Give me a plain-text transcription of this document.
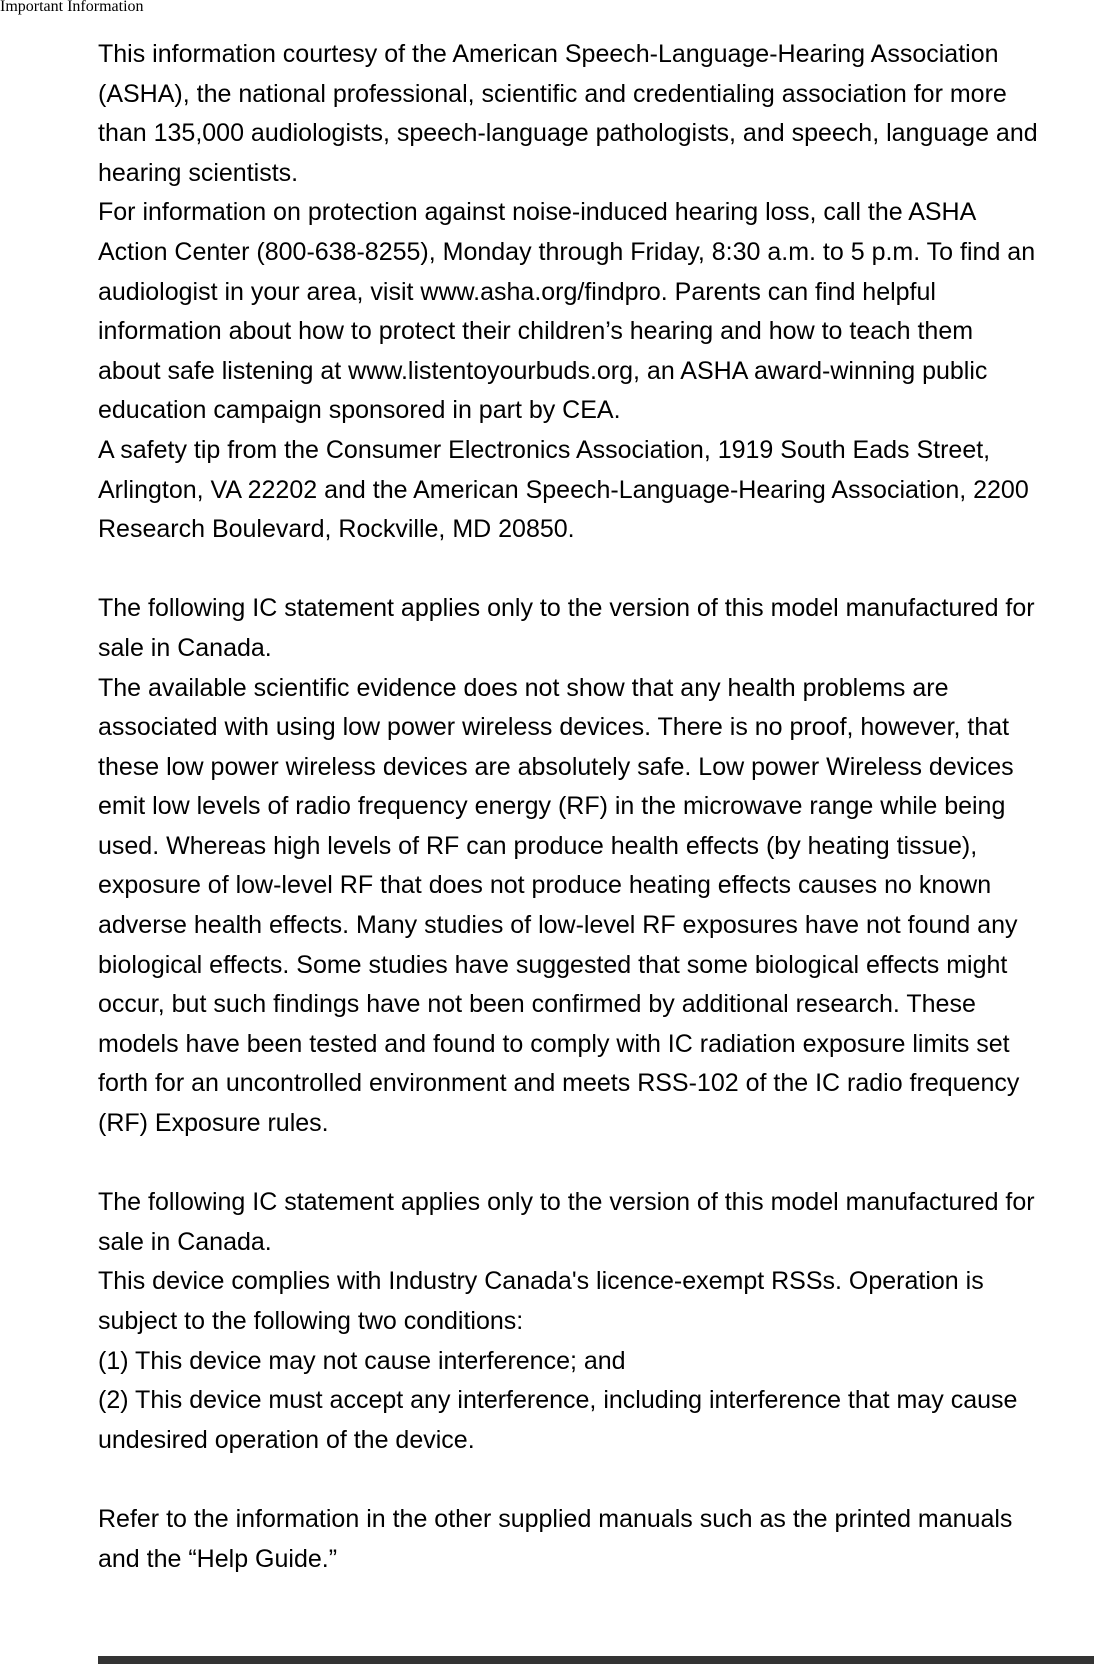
Important Information
This information courtesy of the American Speech-Language-Hearing Association
(ASHA), the national professional, scientific and credentialing association for more
than 135,000 audiologists, speech-language pathologists, and speech, language and
hearing scientists.
For information on protection against noise-induced hearing loss, call the ASHA
Action Center (800-638-8255), Monday through Friday, 8:30 a.m. to 5 p.m. To find an
audiologist in your area, visit www.asha.org/findpro. Parents can find helpful
information about how to protect their children’s hearing and how to teach them
about safe listening at www.listentoyourbuds.org, an ASHA award-winning public
education campaign sponsored in part by CEA.
A safety tip from the Consumer Electronics Association, 1919 South Eads Street,
Arlington, VA 22202 and the American Speech-Language-Hearing Association, 2200
Research Boulevard, Rockville, MD 20850.
The following IC statement applies only to the version of this model manufactured for
sale in Canada.
The available scientific evidence does not show that any health problems are
associated with using low power wireless devices. There is no proof, however, that
these low power wireless devices are absolutely safe. Low power Wireless devices
emit low levels of radio frequency energy (RF) in the microwave range while being
used. Whereas high levels of RF can produce health effects (by heating tissue),
exposure of low-level RF that does not produce heating effects causes no known
adverse health effects. Many studies of low-level RF exposures have not found any
biological effects. Some studies have suggested that some biological effects might
occur, but such findings have not been confirmed by additional research. These
models have been tested and found to comply with IC radiation exposure limits set
forth for an uncontrolled environment and meets RSS-102 of the IC radio frequency
(RF) Exposure rules.
The following IC statement applies only to the version of this model manufactured for
sale in Canada.
This device complies with Industry Canada's licence-exempt RSSs. Operation is
subject to the following two conditions:
(1) This device may not cause interference; and
(2) This device must accept any interference, including interference that may cause
undesired operation of the device.
Refer to the information in the other supplied manuals such as the printed manuals
and the “Help Guide.”
